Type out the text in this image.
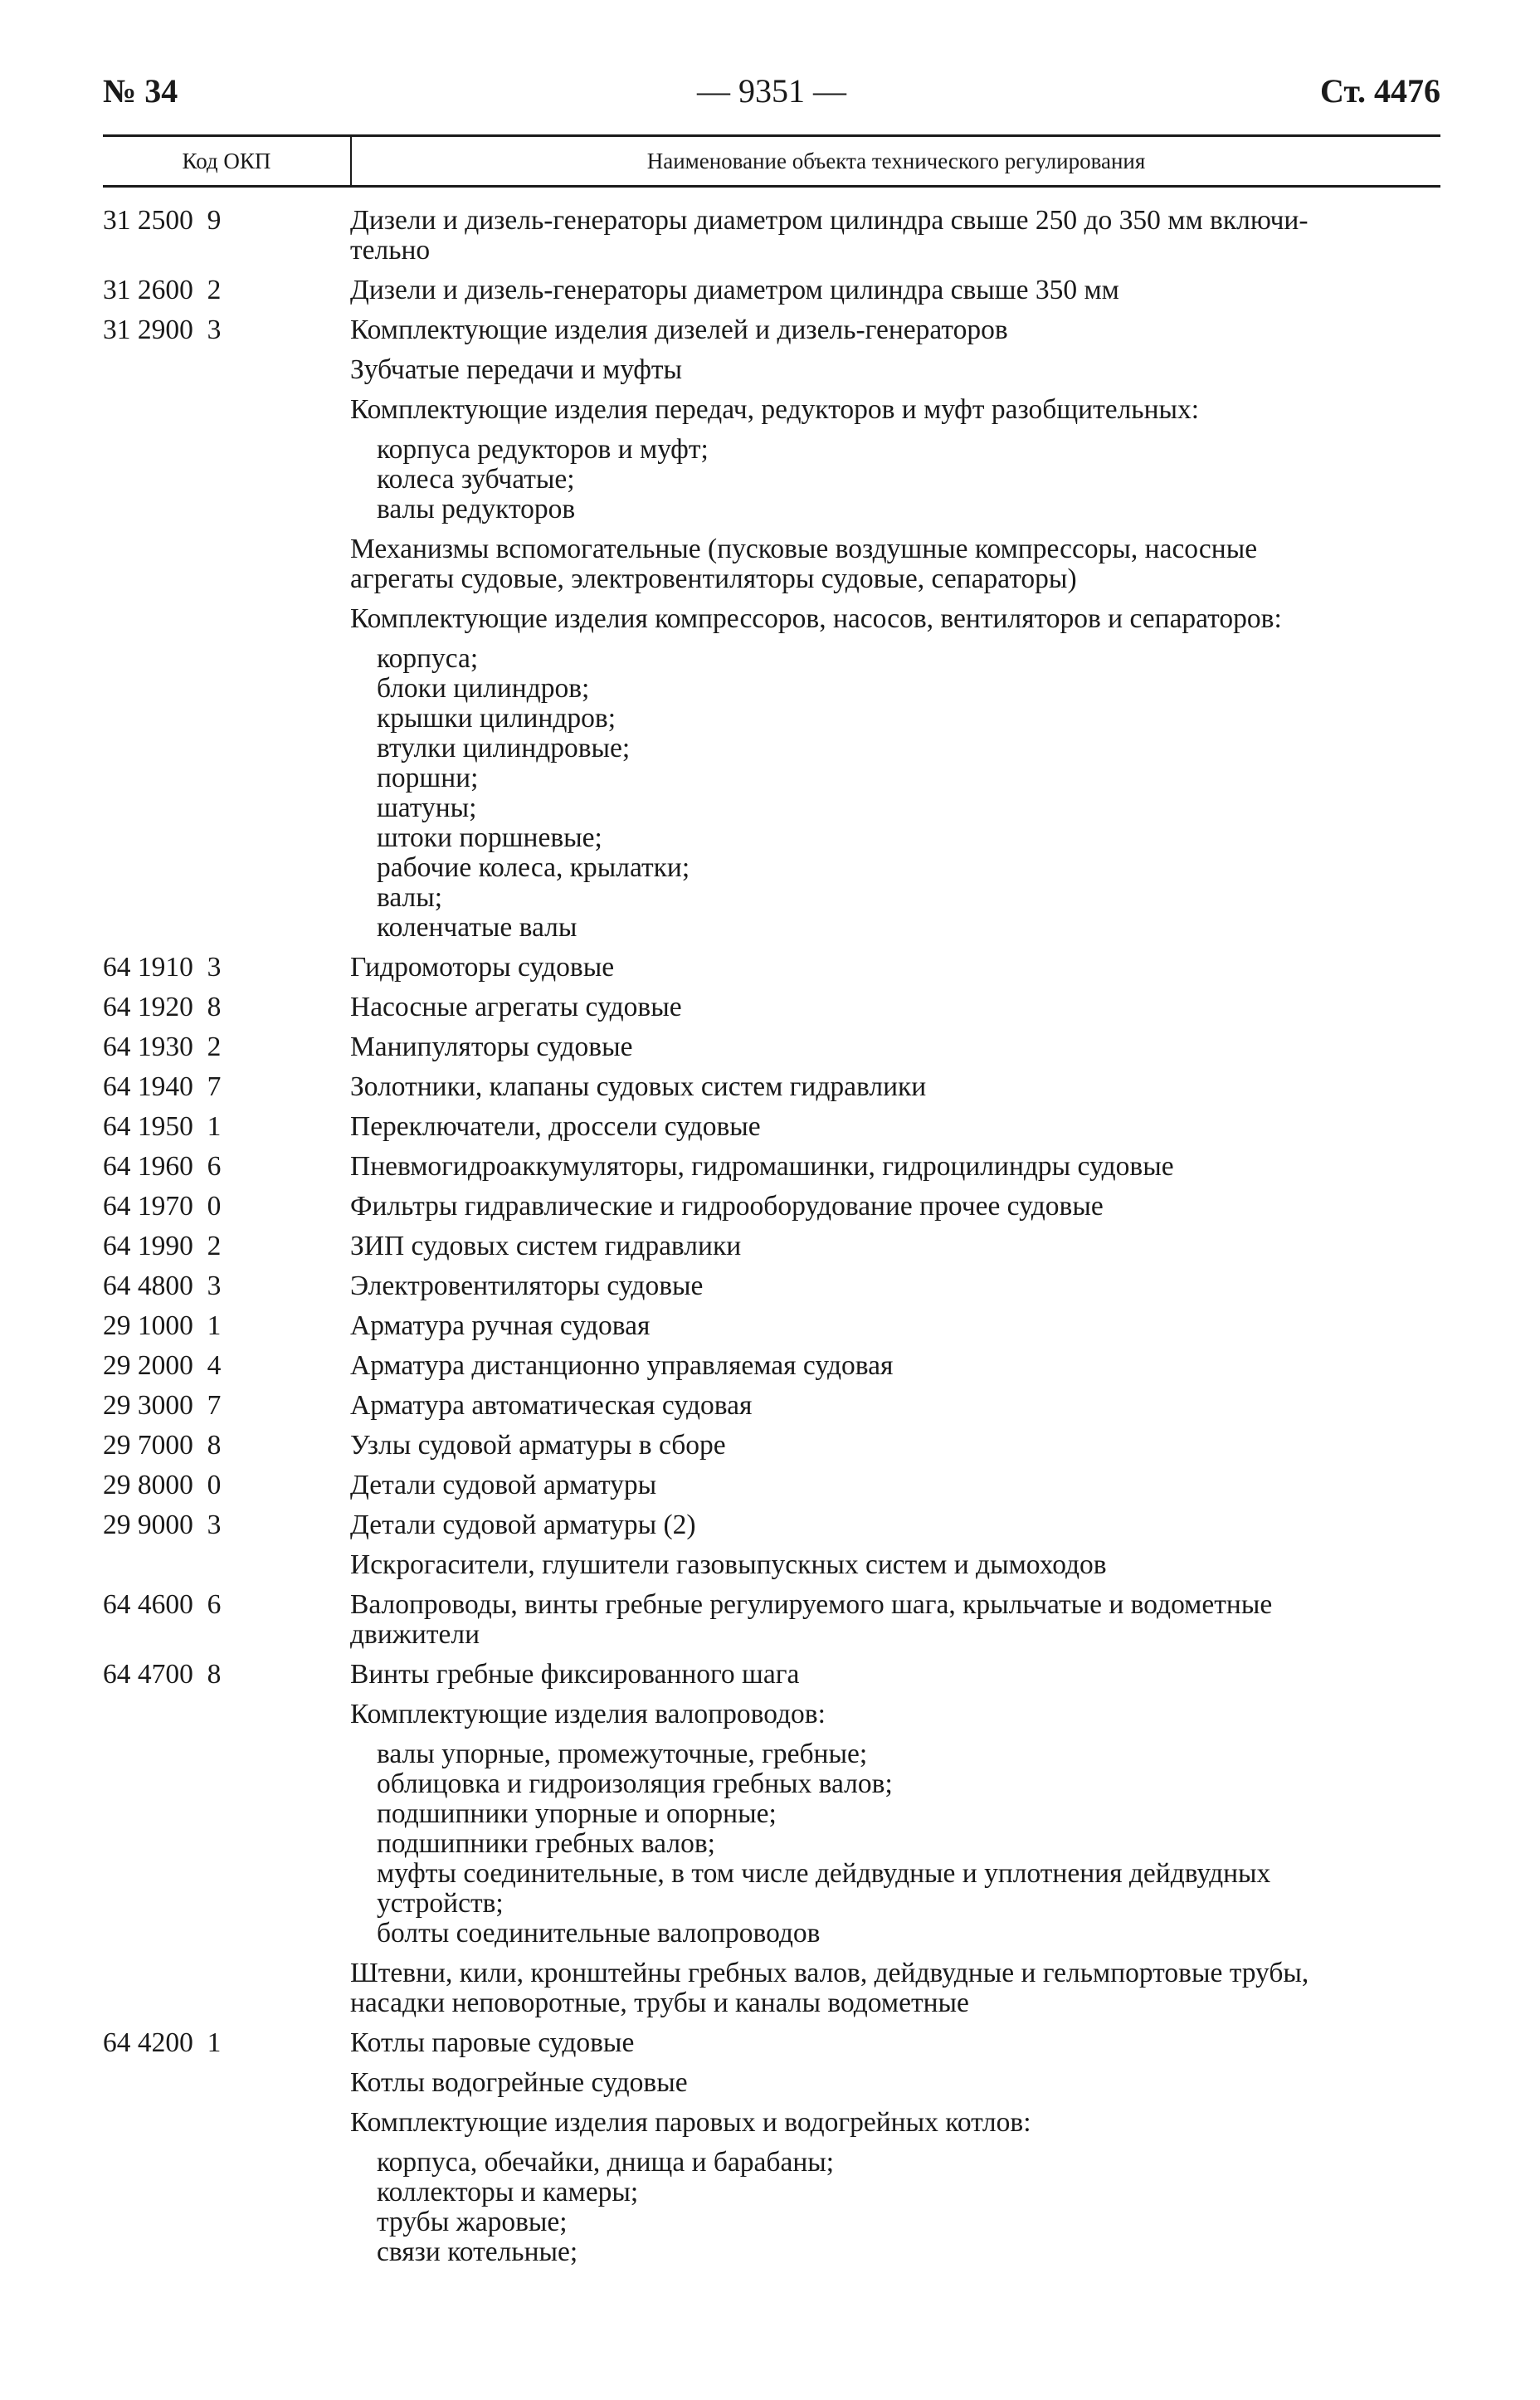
№ 34	— 9351 —	Ст. 4476
Код ОКП	Наименование объекта технического регулирования
31 2500  9	Дизели и дизель-генераторы диаметром цилиндра свыше 250 до 350 мм включи-
тельно
31 2600  2	Дизели и дизель-генераторы диаметром цилиндра свыше 350 мм
31 2900  3	Комплектующие изделия дизелей и дизель-генераторов
Зубчатые передачи и муфты
Комплектующие изделия передач, редукторов и муфт разобщительных:
корпуса редукторов и муфт;
колеса зубчатые;
валы редукторов
Механизмы вспомогательные (пусковые воздушные компрессоры, насосные
агрегаты судовые, электровентиляторы судовые, сепараторы)
Комплектующие изделия компрессоров, насосов, вентиляторов и сепараторов:
корпуса;
блоки цилиндров;
крышки цилиндров;
втулки цилиндровые;
поршни;
шатуны;
штоки поршневые;
рабочие колеса, крылатки;
валы;
коленчатые валы
64 1910  3	Гидромоторы судовые
64 1920  8	Насосные агрегаты судовые
64 1930  2	Манипуляторы судовые
64 1940  7	Золотники, клапаны судовых систем гидравлики
64 1950  1	Переключатели, дроссели судовые
64 1960  6	Пневмогидроаккумуляторы, гидромашинки, гидроцилиндры судовые
64 1970  0	Фильтры гидравлические и гидрооборудование прочее судовые
64 1990  2	ЗИП судовых систем гидравлики
64 4800  3	Электровентиляторы судовые
29 1000  1	Арматура ручная судовая
29 2000  4	Арматура дистанционно управляемая судовая
29 3000  7	Арматура автоматическая судовая
29 7000  8	Узлы судовой арматуры в сборе
29 8000  0	Детали судовой арматуры
29 9000  3	Детали судовой арматуры (2)
Искрогасители, глушители газовыпускных систем и дымоходов
64 4600  6	Валопроводы, винты гребные регулируемого шага, крыльчатые и водометные
движители
64 4700  8	Винты гребные фиксированного шага
Комплектующие изделия валопроводов:
валы упорные, промежуточные, гребные;
облицовка и гидроизоляция гребных валов;
подшипники упорные и опорные;
подшипники гребных валов;
муфты соединительные, в том числе дейдвудные и уплотнения дейдвудных
устройств;
болты соединительные валопроводов
Штевни, кили, кронштейны гребных валов, дейдвудные и гельмпортовые трубы,
насадки неповоротные, трубы и каналы водометные
64 4200  1	Котлы паровые судовые
Котлы водогрейные судовые
Комплектующие изделия паровых и водогрейных котлов:
корпуса, обечайки, днища и барабаны;
коллекторы и камеры;
трубы жаровые;
связи котельные;
